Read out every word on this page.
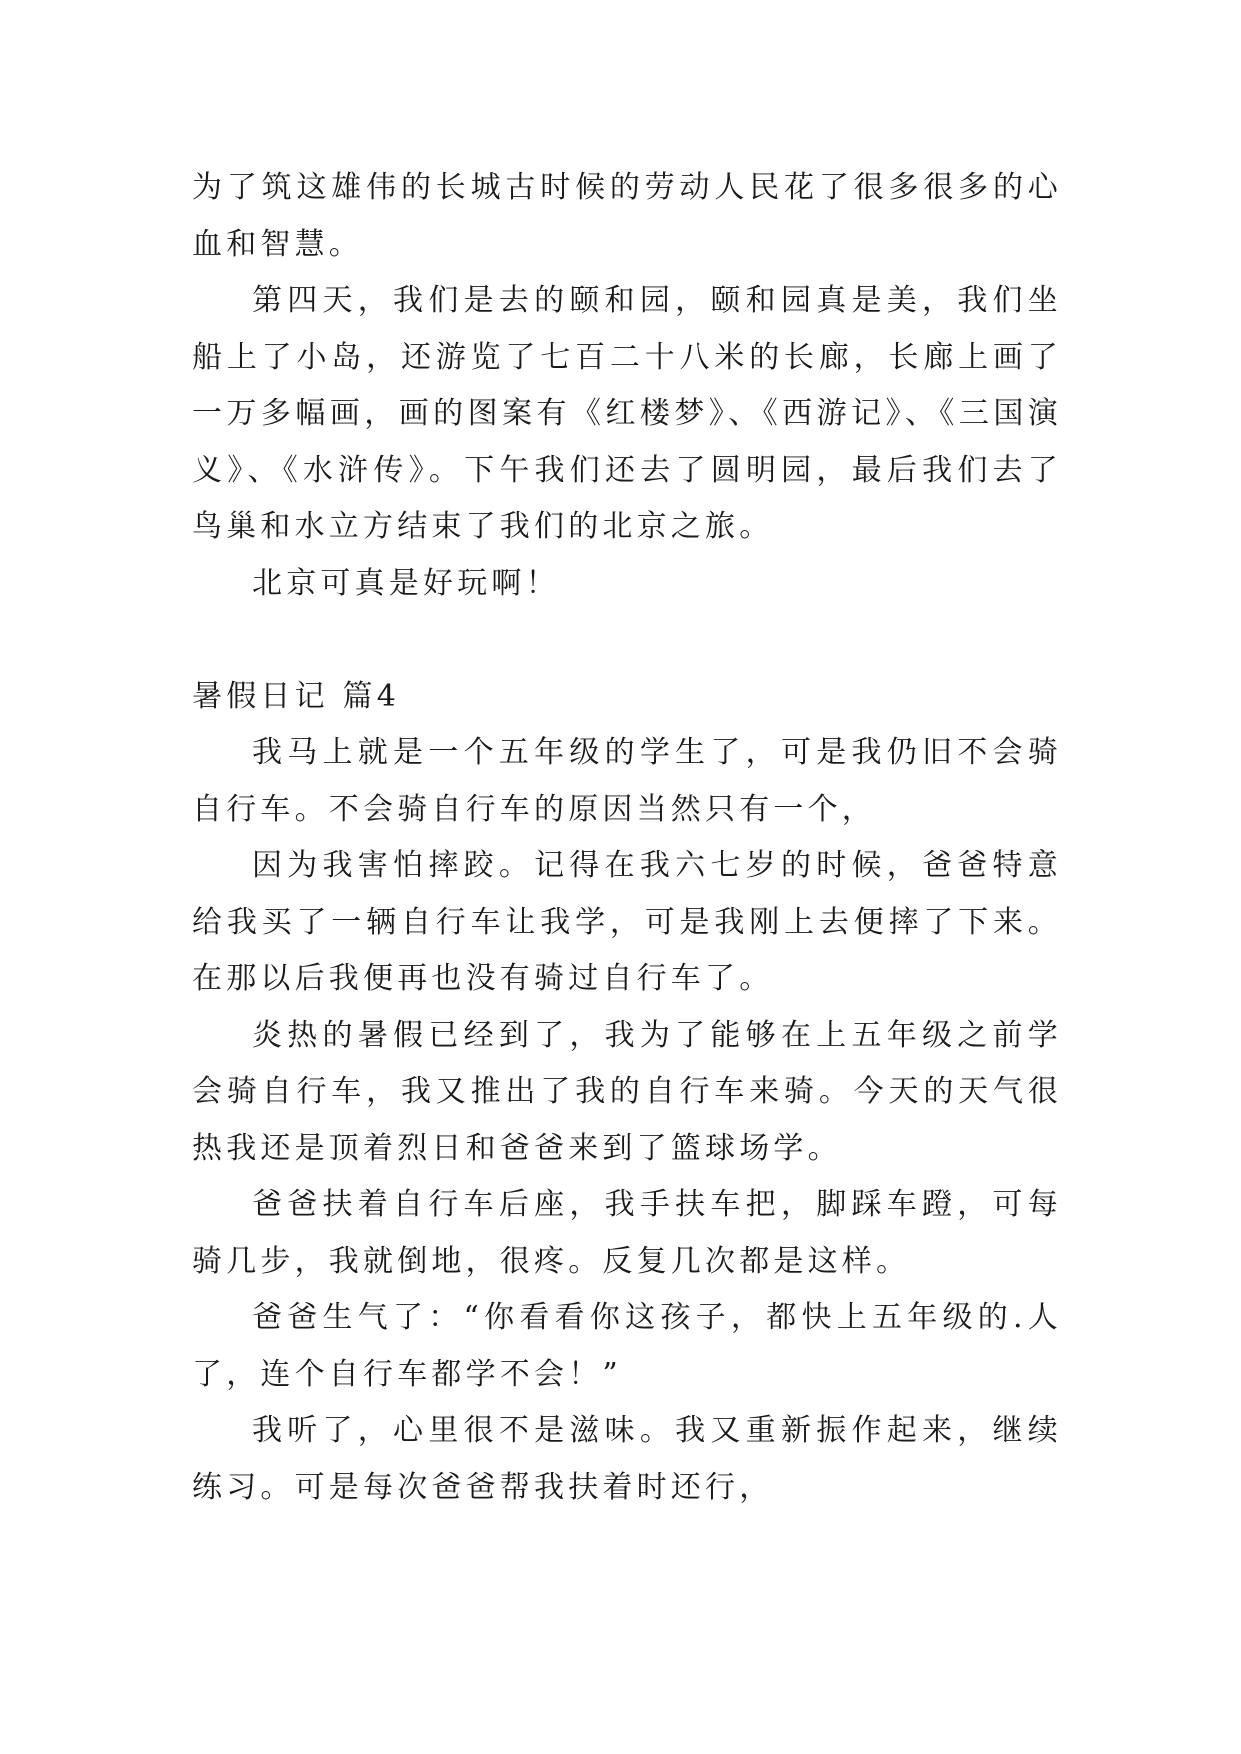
为了筑这雄伟的长城古时候的劳动人民花了很多很多的心血和智慧。

第四天，我们是去的颐和园，颐和园真是美，我们坐船上了小岛，还游览了七百二十八米的长廊，长廊上画了一万多幅画，画的图案有《红楼梦》、《西游记》、《三国演义》、《水浒传》。下午我们还去了圆明园，最后我们去了鸟巢和水立方结束了我们的北京之旅。

北京可真是好玩啊！

暑假日记 篇4

我马上就是一个五年级的学生了，可是我仍旧不会骑自行车。不会骑自行车的原因当然只有一个，

因为我害怕摔跤。记得在我六七岁的时候，爸爸特意给我买了一辆自行车让我学，可是我刚上去便摔了下来。在那以后我便再也没有骑过自行车了。

炎热的暑假已经到了，我为了能够在上五年级之前学会骑自行车，我又推出了我的自行车来骑。今天的天气很热我还是顶着烈日和爸爸来到了篮球场学。

爸爸扶着自行车后座，我手扶车把，脚踩车蹬，可每骑几步，我就倒地，很疼。反复几次都是这样。

爸爸生气了：“你看看你这孩子，都快上五年级的.人了，连个自行车都学不会！”

我听了，心里很不是滋味。我又重新振作起来，继续练习。可是每次爸爸帮我扶着时还行，
